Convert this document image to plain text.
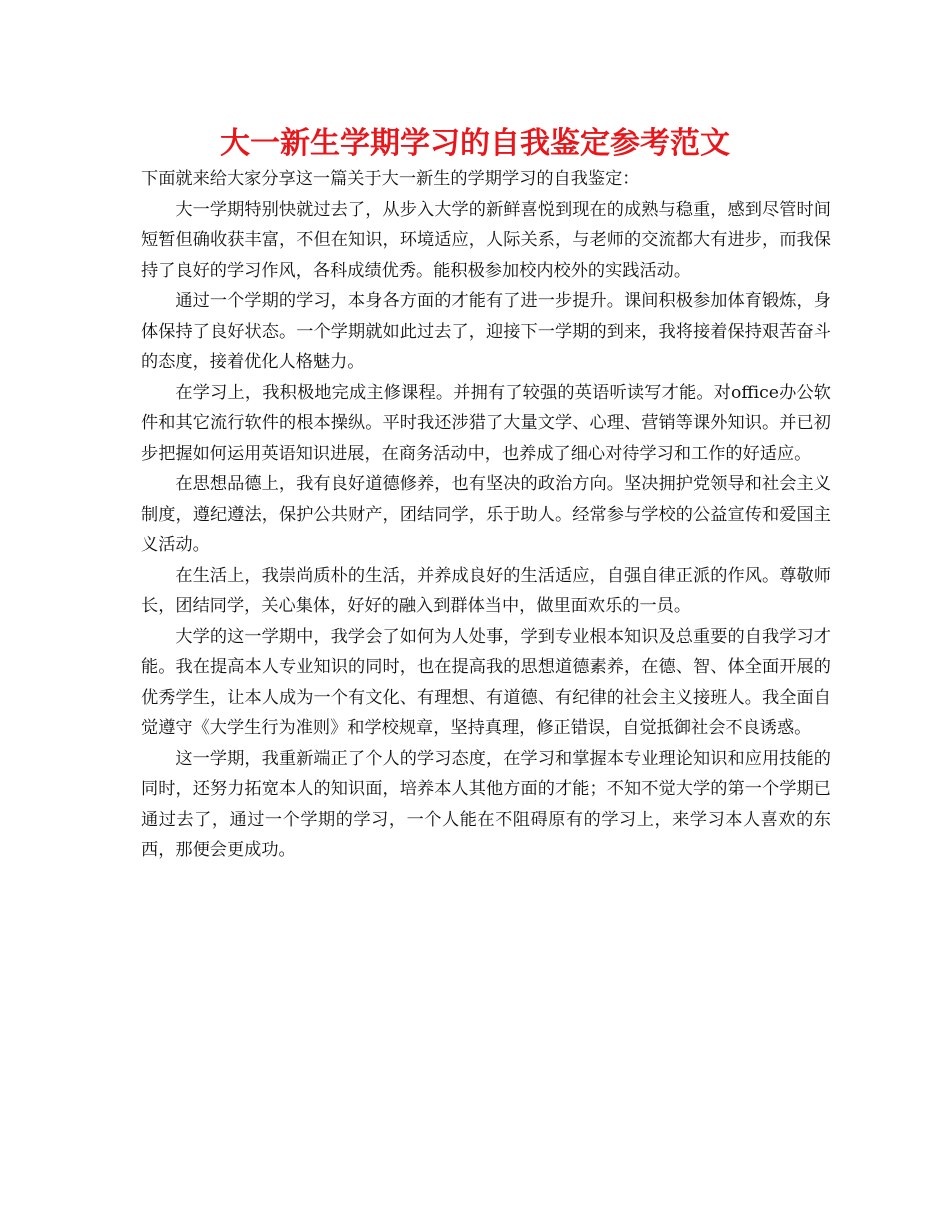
大一新生学期学习的自我鉴定参考范文

下面就来给大家分享这一篇关于大一新生的学期学习的自我鉴定：

大一学期特别快就过去了，从步入大学的新鲜喜悦到现在的成熟与稳重，感到尽管时间短暂但确收获丰富，不但在知识，环境适应，人际关系，与老师的交流都大有进步，而我保持了良好的学习作风，各科成绩优秀。能积极参加校内校外的实践活动。

通过一个学期的学习，本身各方面的才能有了进一步提升。课间积极参加体育锻炼，身体保持了良好状态。一个学期就如此过去了，迎接下一学期的到来，我将接着保持艰苦奋斗的态度，接着优化人格魅力。

在学习上，我积极地完成主修课程。并拥有了较强的英语听读写才能。对office办公软件和其它流行软件的根本操纵。平时我还涉猎了大量文学、心理、营销等课外知识。并已初步把握如何运用英语知识进展，在商务活动中，也养成了细心对待学习和工作的好适应。

在思想品德上，我有良好道德修养，也有坚决的政治方向。坚决拥护党领导和社会主义制度，遵纪遵法，保护公共财产，团结同学，乐于助人。经常参与学校的公益宣传和爱国主义活动。

在生活上，我崇尚质朴的生活，并养成良好的生活适应，自强自律正派的作风。尊敬师长，团结同学，关心集体，好好的融入到群体当中，做里面欢乐的一员。

大学的这一学期中，我学会了如何为人处事，学到专业根本知识及总重要的自我学习才能。我在提高本人专业知识的同时，也在提高我的思想道德素养，在德、智、体全面开展的优秀学生，让本人成为一个有文化、有理想、有道德、有纪律的社会主义接班人。我全面自觉遵守《大学生行为准则》和学校规章，坚持真理，修正错误，自觉抵御社会不良诱惑。

这一学期，我重新端正了个人的学习态度，在学习和掌握本专业理论知识和应用技能的同时，还努力拓宽本人的知识面，培养本人其他方面的才能；不知不觉大学的第一个学期已通过去了，通过一个学期的学习，一个人能在不阻碍原有的学习上，来学习本人喜欢的东西，那便会更成功。
